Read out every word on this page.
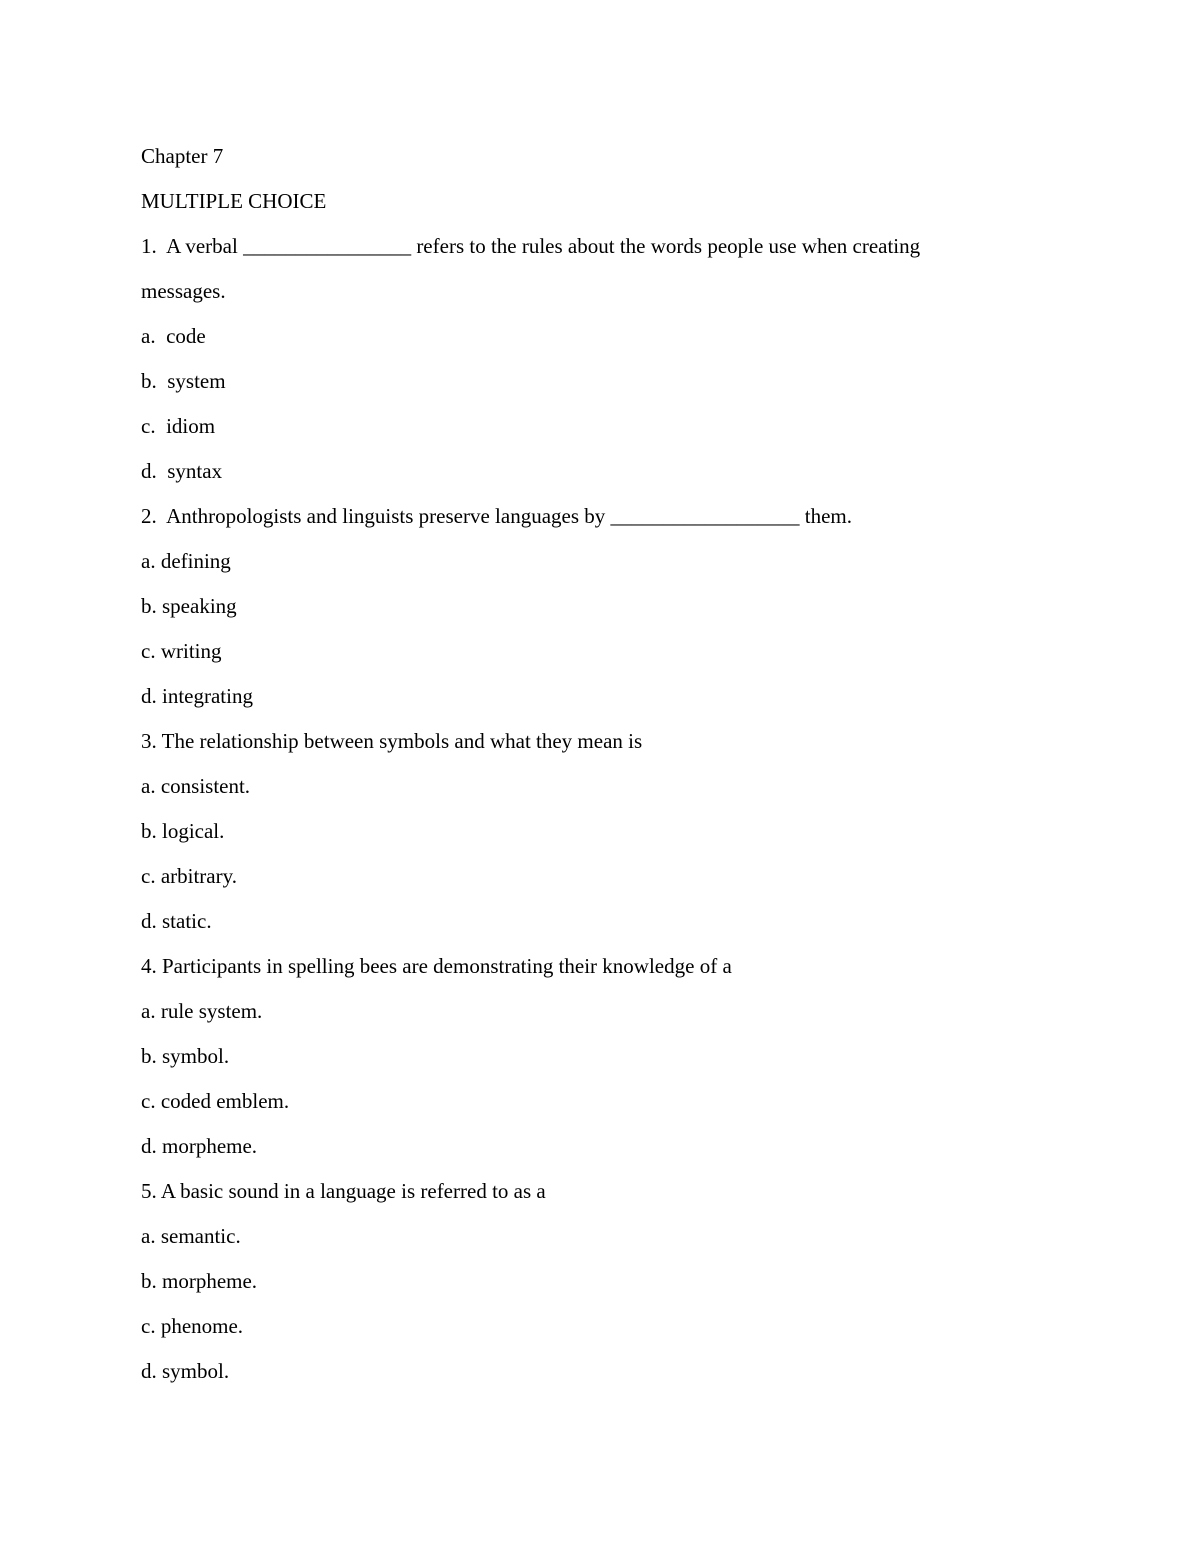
Chapter 7
MULTIPLE CHOICE
1.  A verbal ________________ refers to the rules about the words people use when creating
messages.
a.  code
b.  system
c.  idiom
d.  syntax
2.  Anthropologists and linguists preserve languages by __________________ them.
a. defining
b. speaking
c. writing
d. integrating
3. The relationship between symbols and what they mean is
a. consistent.
b. logical.
c. arbitrary.
d. static.
4. Participants in spelling bees are demonstrating their knowledge of a
a. rule system.
b. symbol.
c. coded emblem.
d. morpheme.
5. A basic sound in a language is referred to as a
a. semantic.
b. morpheme.
c. phenome.
d. symbol.
